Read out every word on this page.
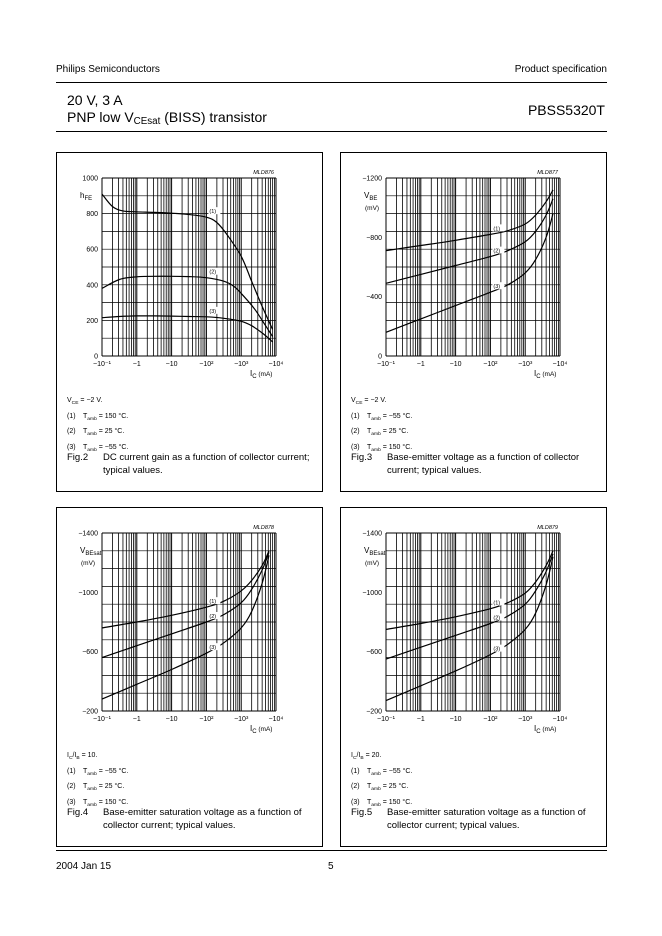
Philips Semiconductors	Product specification
20 V, 3 A
PNP low $V_{CEsat}$ (BISS) transistor	PBSS5320T
0
200
400
600
800
1000
−10⁻¹	−1	−10	−10²	−10³	−10⁴
$h_{FE}$
$I_C$ $^{(mA)}$
MLD876
(1)
(2)
(3)
$V_{CE} = -2$ V.
(1) $T_{amb} = 150$ °C.
(2) $T_{amb} = 25$ °C.
(3) $T_{amb} = -55$ °C.
Fig.2 DC current gain as a function of collector current; typical values.
0
−400
−800
−1200
−10⁻¹	−1	−10	−10²	−10³	−10⁴
$V_{BE}$
(mV)
$I_C$ $^{(mA)}$
MLD877
(1)
(2)
(3)
$V_{CE} = -2$ V.
(1) $T_{amb} = -55$ °C.
(2) $T_{amb} = 25$ °C.
(3) $T_{amb} = 150$ °C.
Fig.3 Base-emitter voltage as a function of collector current; typical values.
−200
−600
−1000
−1400
−10⁻¹	−1	−10	−10²	−10³	−10⁴
$V_{BEsat}$
(mV)
$I_C$ $^{(mA)}$
MLD878
(1)
(2)
(3)
$I_C/I_B = 10$.
(1) $T_{amb} = -55$ °C.
(2) $T_{amb} = 25$ °C.
(3) $T_{amb} = 150$ °C.
Fig.4 Base-emitter saturation voltage as a function of collector current; typical values.
−200
−600
−1000
−1400
−10⁻¹	−1	−10	−10²	−10³	−10⁴
$V_{BEsat}$
(mV)
$I_C$ $^{(mA)}$
MLD879
(1)
(2)
(3)
$I_C/I_B = 20$.
(1) $T_{amb} = -55$ °C.
(2) $T_{amb} = 25$ °C.
(3) $T_{amb} = 150$ °C.
Fig.5 Base-emitter saturation voltage as a function of collector current; typical values.
2004 Jan 15	5
